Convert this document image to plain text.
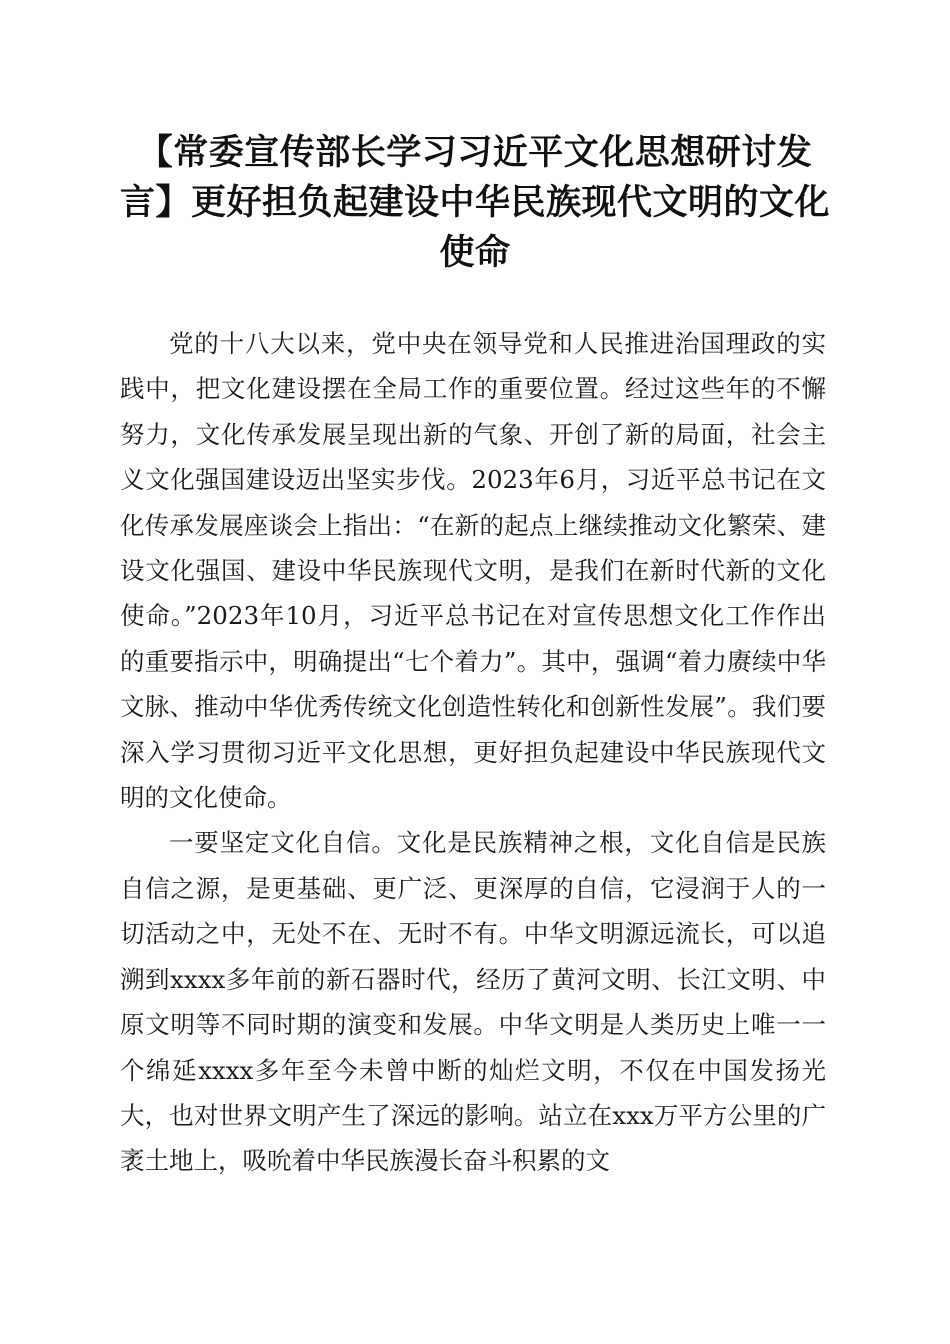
【常委宣传部长学习习近平文化思想研讨发言】更好担负起建设中华民族现代文明的文化使命

党的十八大以来，党中央在领导党和人民推进治国理政的实践中，把文化建设摆在全局工作的重要位置。经过这些年的不懈努力，文化传承发展呈现出新的气象、开创了新的局面，社会主义文化强国建设迈出坚实步伐。2023年6月，习近平总书记在文化传承发展座谈会上指出：“在新的起点上继续推动文化繁荣、建设文化强国、建设中华民族现代文明，是我们在新时代新的文化使命。”2023年10月，习近平总书记在对宣传思想文化工作作出的重要指示中，明确提出“七个着力”。其中，强调“着力赓续中华文脉、推动中华优秀传统文化创造性转化和创新性发展”。我们要深入学习贯彻习近平文化思想，更好担负起建设中华民族现代文明的文化使命。

一要坚定文化自信。文化是民族精神之根，文化自信是民族自信之源，是更基础、更广泛、更深厚的自信，它浸润于人的一切活动之中，无处不在、无时不有。中华文明源远流长，可以追溯到xxxx多年前的新石器时代，经历了黄河文明、长江文明、中原文明等不同时期的演变和发展。中华文明是人类历史上唯一一个绵延xxxx多年至今未曾中断的灿烂文明，不仅在中国发扬光大，也对世界文明产生了深远的影响。站立在xxx万平方公里的广袤土地上，吸吮着中华民族漫长奋斗积累的文
